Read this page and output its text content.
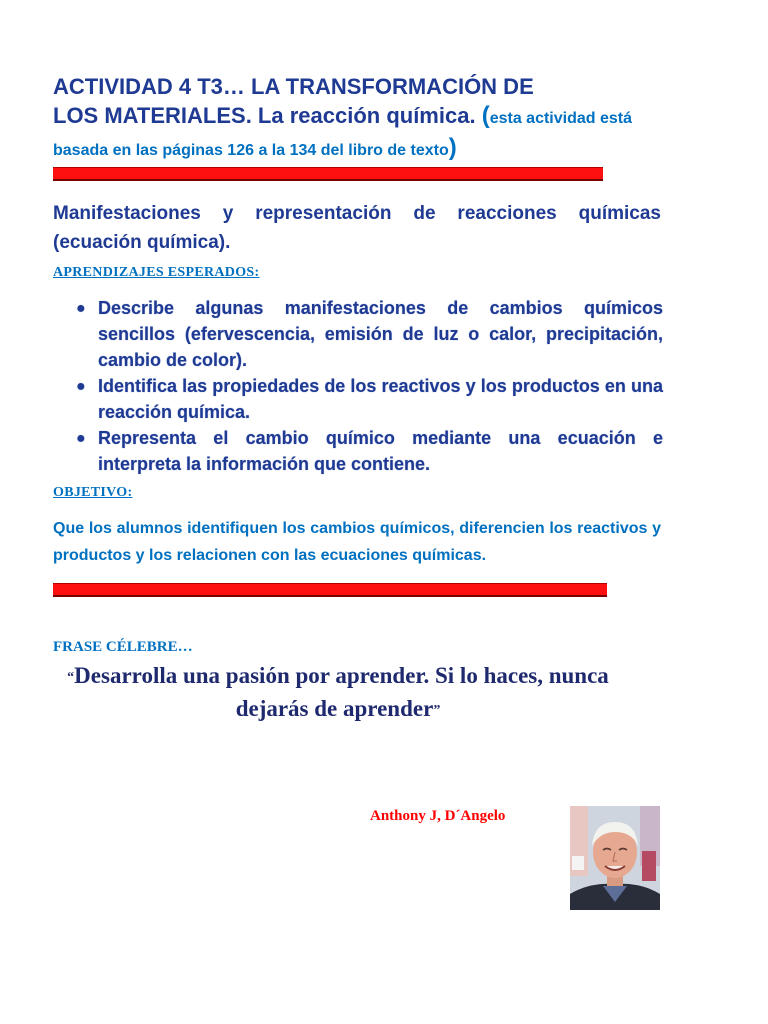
ACTIVIDAD 4 T3… LA TRANSFORMACIÓN DE
LOS MATERIALES. La reacción química. (esta actividad está basada en las páginas 126 a la 134 del libro de texto)

Manifestaciones y representación de reacciones químicas (ecuación química).

APRENDIZAJES ESPERADOS:

● Describe algunas manifestaciones de cambios químicos sencillos (efervescencia, emisión de luz o calor, precipitación, cambio de color).
● Identifica las propiedades de los reactivos y los productos en una reacción química.
● Representa el cambio químico mediante una ecuación e interpreta la información que contiene.

OBJETIVO:

Que los alumnos identifiquen los cambios químicos, diferencien los reactivos y productos y los relacionen con las ecuaciones químicas.

FRASE CÉLEBRE…

“Desarrolla una pasión por aprender. Si lo haces, nunca dejarás de aprender”

Anthony J, D´Angelo
